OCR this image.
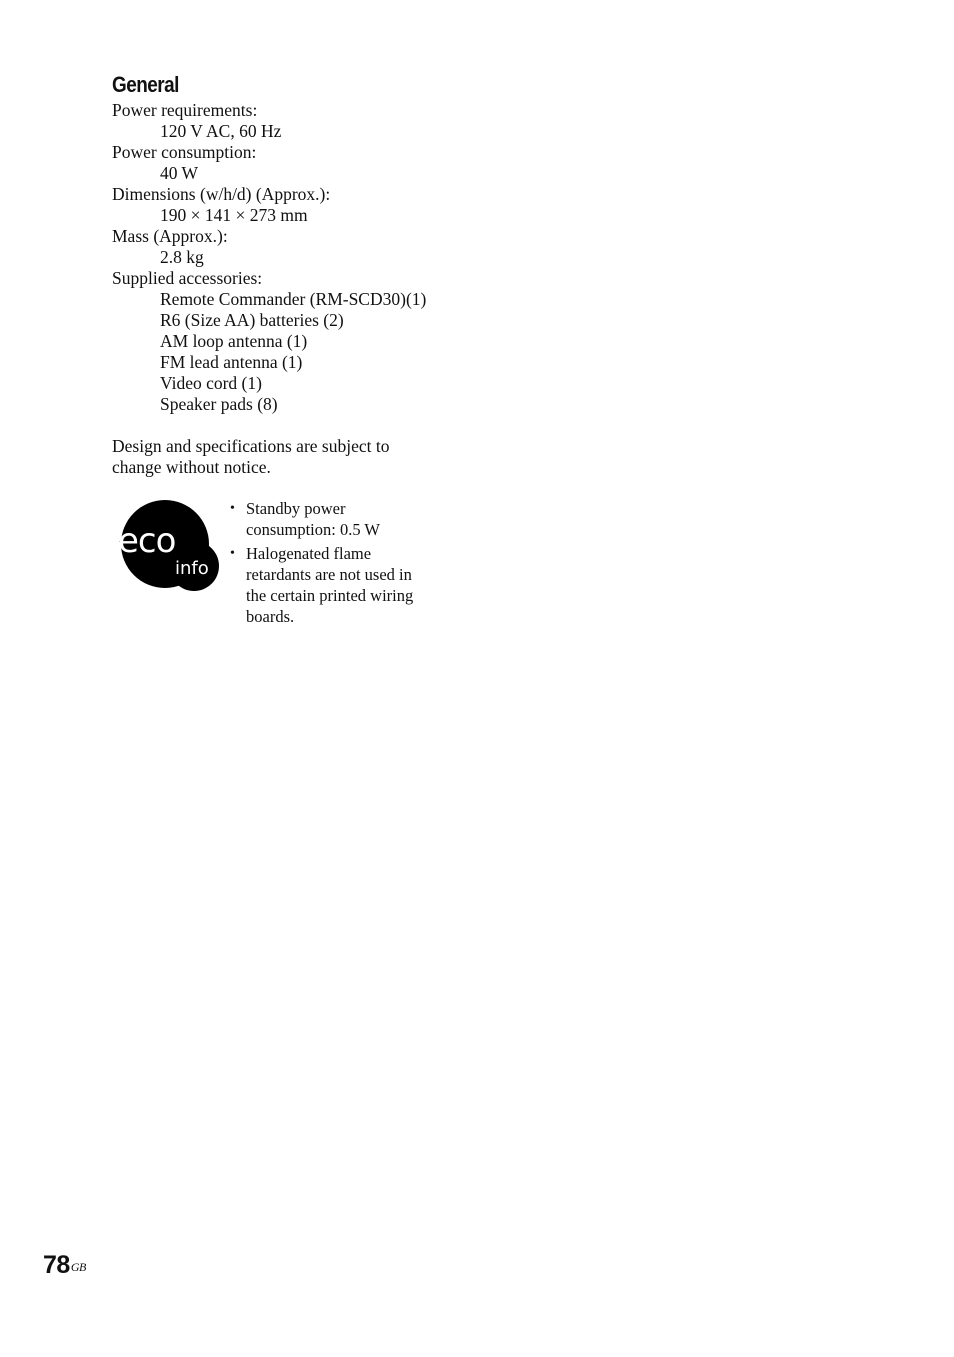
General
Power requirements:
120 V AC, 60 Hz
Power consumption:
40 W
Dimensions (w/h/d) (Approx.):
190 × 141 × 273 mm
Mass (Approx.):
2.8 kg
Supplied accessories:
Remote Commander (RM-SCD30)(1)
R6 (Size AA) batteries (2)
AM loop antenna (1)
FM lead antenna (1)
Video cord (1)
Speaker pads (8)
Design and specifications are subject to
change without notice.
eco
info
• Standby power
consumption: 0.5 W
• Halogenated flame
retardants are not used in
the certain printed wiring
boards.
$78^{GB}$
